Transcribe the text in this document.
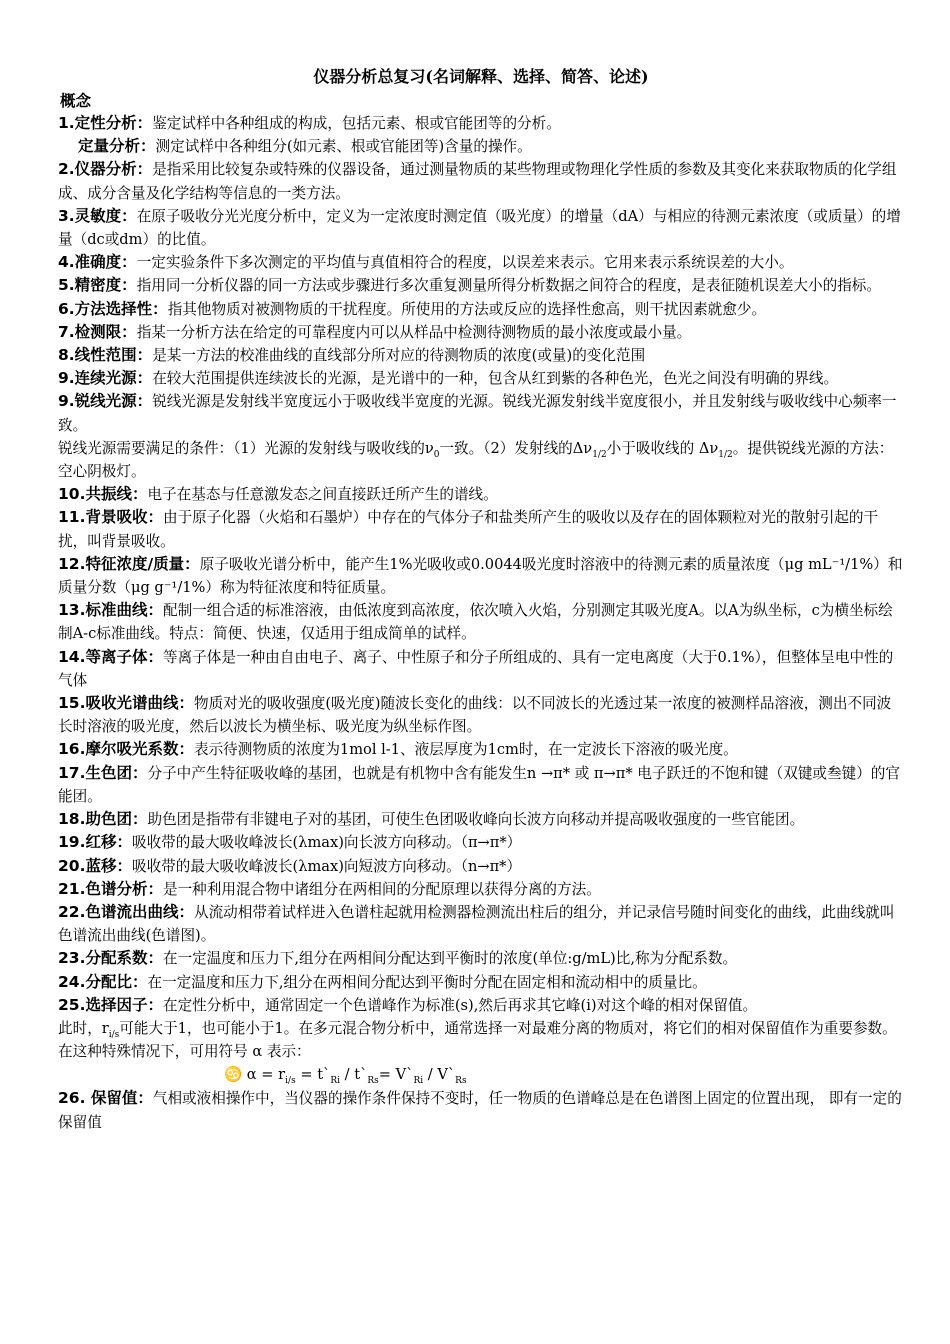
仪器分析总复习(名词解释、选择、简答、论述)
概念

1.定性分析：鉴定试样中各种组成的构成，包括元素、根或官能团等的分析。

定量分析：测定试样中各种组分(如元素、根或官能团等)含量的操作。

2.仪器分析：是指采用比较复杂或特殊的仪器设备，通过测量物质的某些物理或物理化学性质的参数及其变化来获取物质的化学组成、成分含量及化学结构等信息的一类方法。

3.灵敏度：在原子吸收分光光度分析中，定义为一定浓度时测定值（吸光度）的增量（dA）与相应的待测元素浓度（或质量）的增量（dc或dm）的比值。

4.准确度：一定实验条件下多次测定的平均值与真值相符合的程度，以误差来表示。它用来表示系统误差的大小。

5.精密度：指用同一分析仪器的同一方法或步骤进行多次重复测量所得分析数据之间符合的程度，是表征随机误差大小的指标。

6.方法选择性：指其他物质对被测物质的干扰程度。所使用的方法或反应的选择性愈高，则干扰因素就愈少。

7.检测限：指某一分析方法在给定的可靠程度内可以从样品中检测待测物质的最小浓度或最小量。

8.线性范围：是某一方法的校准曲线的直线部分所对应的待测物质的浓度(或量)的变化范围

9.连续光源：在较大范围提供连续波长的光源，是光谱中的一种，包含从红到紫的各种色光，色光之间没有明确的界线。

9.锐线光源：锐线光源是发射线半宽度远小于吸收线半宽度的光源。锐线光源发射线半宽度很小，并且发射线与吸收线中心频率一致。

锐线光源需要满足的条件：（1）光源的发射线与吸收线的$\nu_0$一致。（2）发射线的$\Delta\nu_{1/2}$小于吸收线的 $\Delta\nu_{1/2}$。提供锐线光源的方法：空心阴极灯。

10.共振线：电子在基态与任意激发态之间直接跃迁所产生的谱线。

11.背景吸收：由于原子化器（火焰和石墨炉）中存在的气体分子和盐类所产生的吸收以及存在的固体颗粒对光的散射引起的干扰，叫背景吸收。

12.特征浓度/质量：原子吸收光谱分析中，能产生1%光吸收或0.0044吸光度时溶液中的待测元素的质量浓度（μg mL⁻¹/1%）和质量分数（μg g⁻¹/1%）称为特征浓度和特征质量。

13.标准曲线：配制一组合适的标准溶液，由低浓度到高浓度，依次喷入火焰，分别测定其吸光度A。以A为纵坐标，c为横坐标绘制A-c标准曲线。特点：简便、快速，仅适用于组成简单的试样。

14.等离子体：等离子体是一种由自由电子、离子、中性原子和分子所组成的、具有一定电离度（大于0.1%），但整体呈电中性的气体

15.吸收光谱曲线：物质对光的吸收强度(吸光度)随波长变化的曲线：以不同波长的光透过某一浓度的被测样品溶液，测出不同波长时溶液的吸光度，然后以波长为横坐标、吸光度为纵坐标作图。

16.摩尔吸光系数：表示待测物质的浓度为1mol l-1、液层厚度为1cm时，在一定波长下溶液的吸光度。

17.生色团：分子中产生特征吸收峰的基团，也就是有机物中含有能发生n →π* 或 π→π* 电子跃迁的不饱和键（双键或叁键）的官能团。

18.助色团：助色团是指带有非键电子对的基团，可使生色团吸收峰向长波方向移动并提高吸收强度的一些官能团。

19.红移：吸收带的最大吸收峰波长(λmax)向长波方向移动。（π→π*）

20.蓝移：吸收带的最大吸收峰波长(λmax)向短波方向移动。（n→π*）

21.色谱分析：是一种利用混合物中诸组分在两相间的分配原理以获得分离的方法。

22.色谱流出曲线：从流动相带着试样进入色谱柱起就用检测器检测流出柱后的组分，并记录信号随时间变化的曲线，此曲线就叫色谱流出曲线(色谱图)。

23.分配系数：在一定温度和压力下,组分在两相间分配达到平衡时的浓度(单位:g/mL)比,称为分配系数。

24.分配比：在一定温度和压力下,组分在两相间分配达到平衡时分配在固定相和流动相中的质量比。

25.选择因子：在定性分析中，通常固定一个色谱峰作为标准(s),然后再求其它峰(i)对这个峰的相对保留值。

此时，$r_{i/s}$可能大于1，也可能小于1。在多元混合物分析中，通常选择一对最难分离的物质对，将它们的相对保留值作为重要参数。在这种特殊情况下，可用符号 α 表示：

♋ $\alpha = r_{i/s}$ = $t`_{Ri}$ / $t`_{Rs}=$ $V`_{Ri}$ / $V`_{Rs}$

26. 保留值：气相或液相操作中，当仪器的操作条件保持不变时，任一物质的色谱峰总是在色谱图上固定的位置出现， 即有一定的保留值
